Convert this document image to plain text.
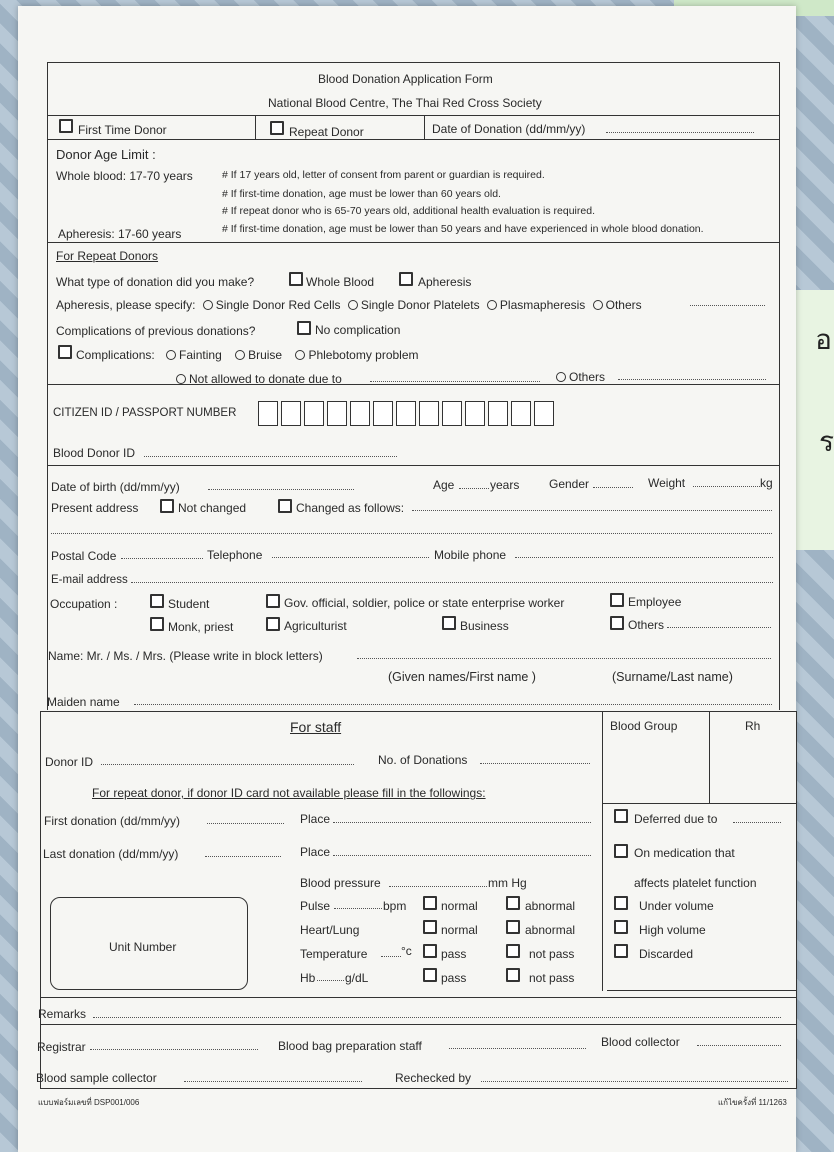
อ
ร
Blood Donation Application Form
National Blood Centre, The Thai Red Cross Society
First Time Donor	Repeat Donor	Date of Donation (dd/mm/yy)
Donor Age Limit :
Whole blood: 17-70 years	# If 17 years old, letter of consent from parent or guardian is required.
# If first-time donation, age must be lower than 60 years old.
# If repeat donor who is 65-70 years old, additional health evaluation is required.
Apheresis: 17-60 years	# If first-time donation, age must be lower than 50 years and have experienced in whole blood donation.
For Repeat Donors
What type of donation did you make?	Whole Blood	Apheresis
Apheresis, please specify: Single Donor Red Cells Single Donor Platelets Plasmapheresis Others
Complications of previous donations?	No complication
Complications: Fainting Bruise Phlebotomy problem
Not allowed to donate due to	Others
CITIZEN ID / PASSPORT NUMBER
Blood Donor ID
Date of birth (dd/mm/yy)	Age	years Gender	Weight	kg
Present address	Not changed	Changed as follows:
Postal Code	Telephone	Mobile phone
E-mail address
Occupation :	Student	Gov. official, soldier, police or state enterprise worker	Employee
Monk, priest	Agriculturist	Business	Others
Name: Mr. / Ms. / Mrs. (Please write in block letters)
(Given names/First name )	(Surname/Last name)
Maiden name
For staff	Blood Group	Rh
Donor ID	No. of Donations
For repeat donor, if donor ID card not available please fill in the followings:
First donation (dd/mm/yy)	Place
Last donation (dd/mm/yy)	Place
Deferred due to
On medication that
affects platelet function
Under volume
High volume
Discarded
Blood pressure	mm Hg
Pulse	bpm	normal	abnormal
Heart/Lung	normal	abnormal
Temperature	°c pass	not pass
Hb g/dL	pass	not pass
Unit Number
Remarks
Registrar	Blood bag preparation staff	Blood collector
Blood sample collector	Rechecked by
แบบฟอร์มเลขที่ DSP001/006	แก้ไขครั้งที่ 11/1263
